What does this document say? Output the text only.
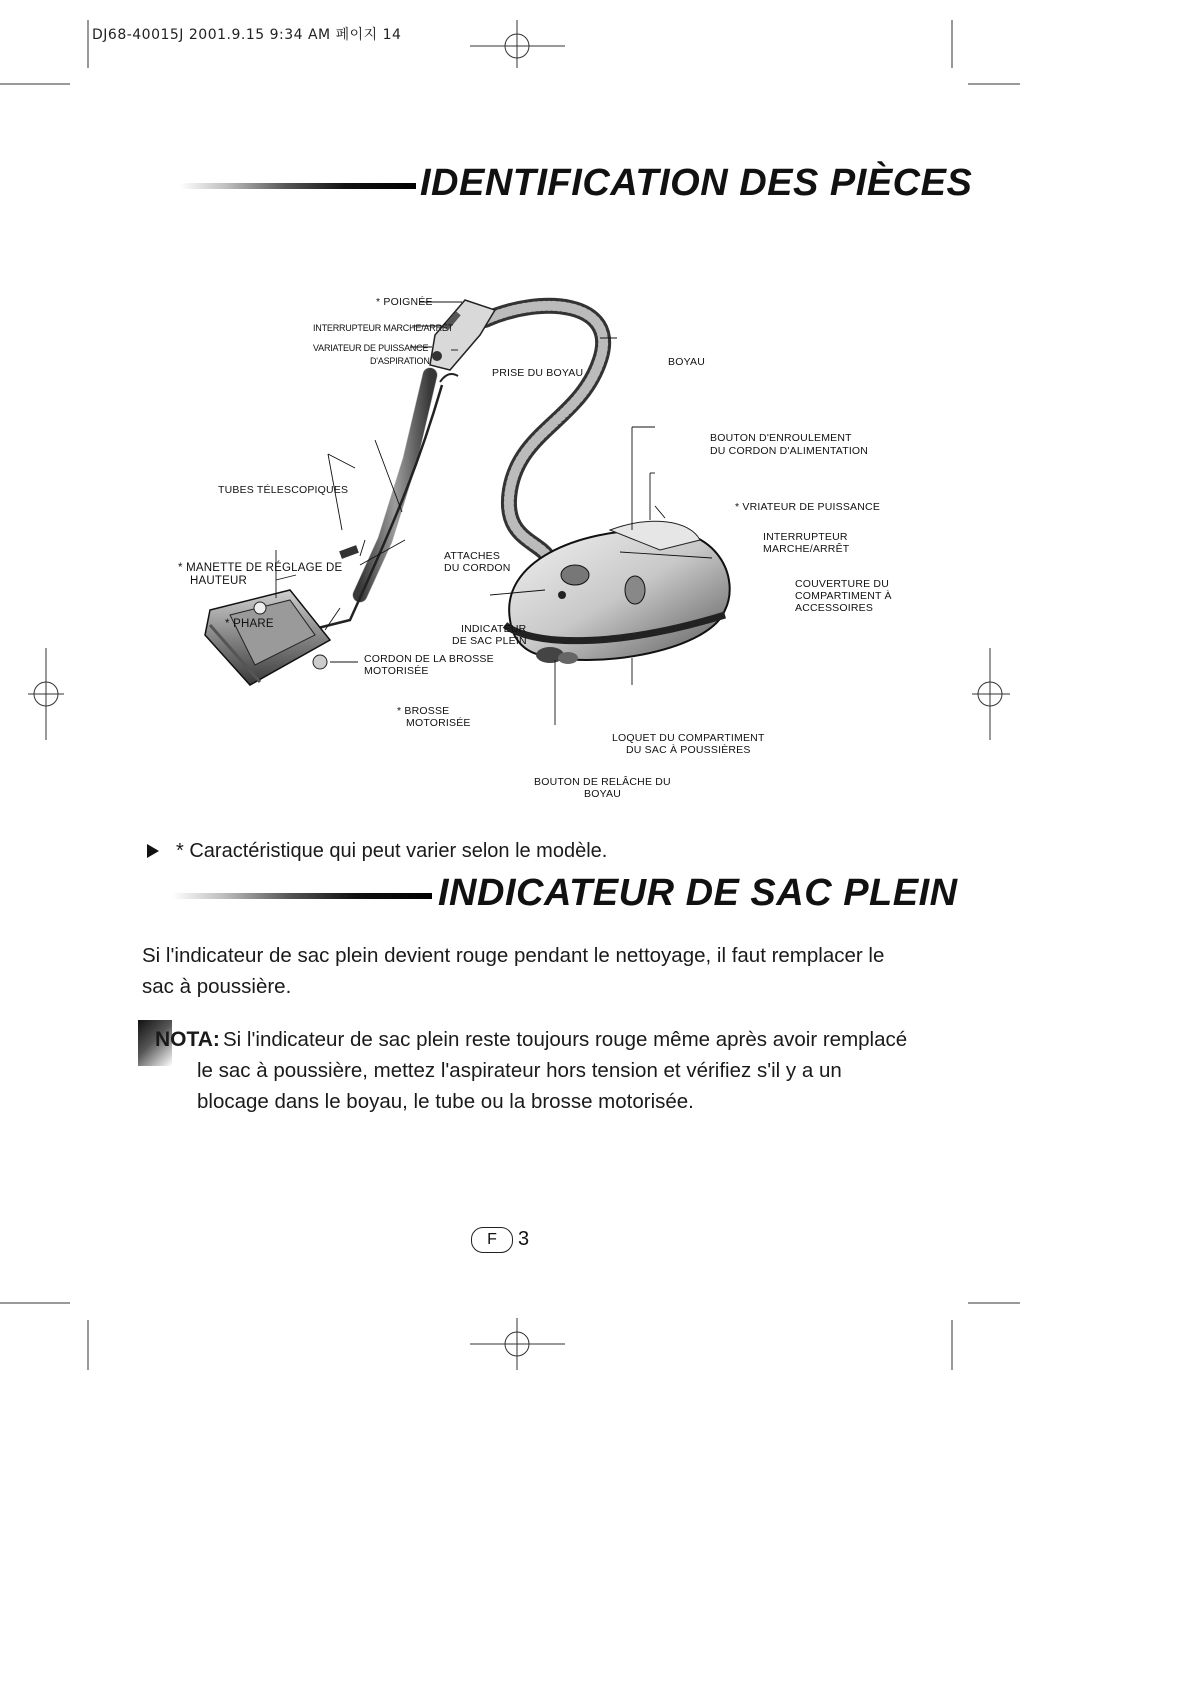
DJ68-40015J 2001.9.15 9:34 AM 페이지 14
IDENTIFICATION DES PIÈCES
* POIGNÉE
INTERRUPTEUR MARCHE/ARRÊT
VARIATEUR DE PUISSANCE
D'ASPIRATION
PRISE DU BOYAU
BOYAU
BOUTON D'ENROULEMENT
DU CORDON D'ALIMENTATION
* VRIATEUR DE PUISSANCE
INTERRUPTEUR
MARCHE/ARRÊT
COUVERTURE DU
COMPARTIMENT À
ACCESSOIRES
TUBES TÉLESCOPIQUES
ATTACHES
DU CORDON
* MANETTE DE RÉGLAGE DE
HAUTEUR
* PHARE	INDICATEUR
DE SAC PLEIN
CORDON DE LA BROSSE
MOTORISÉE
* BROSSE
MOTORISÉE
LOQUET DU COMPARTIMENT
DU SAC À POUSSIÈRES
BOUTON DE RELÂCHE DU
BOYAU
* Caractéristique qui peut varier selon le modèle.
INDICATEUR DE SAC PLEIN
Si l'indicateur de sac plein devient rouge pendant le nettoyage, il faut remplacer le
sac à poussière.
NOTA: Si l'indicateur de sac plein reste toujours rouge même après avoir remplacé
le sac à poussière, mettez l'aspirateur hors tension et vérifiez s'il y a un
blocage dans le boyau, le tube ou la brosse motorisée.
F	3
